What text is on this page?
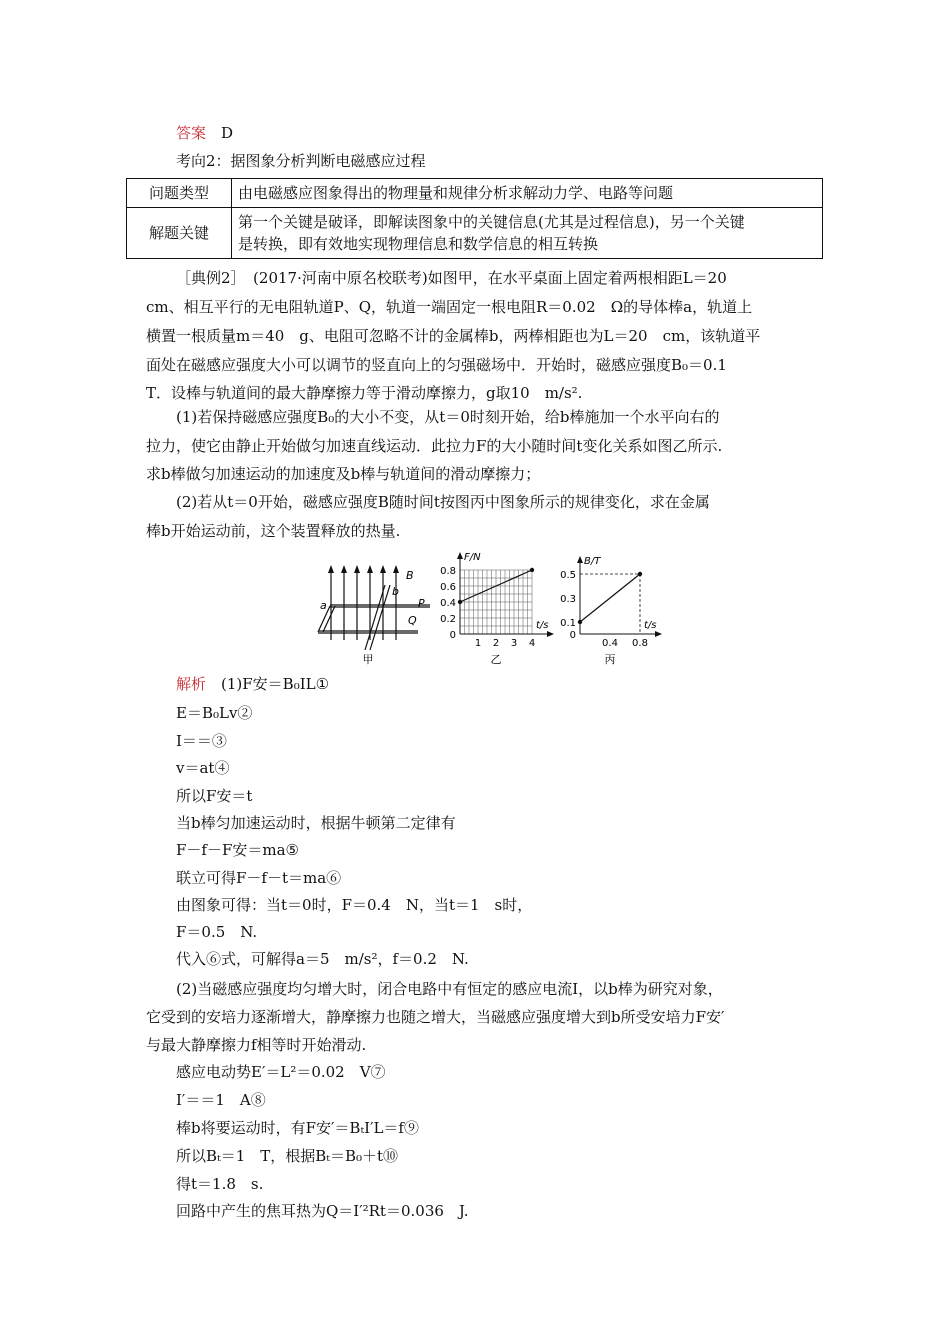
答案　 D
考向2：据图象分析判断电磁感应过程
问题类型	由电磁感应图象得出的物理量和规律分析求解动力学、电路等问题
解题关键	第一个关键是破译，即解读图象中的关键信息(尤其是过程信息)，另一个关键
是转换，即有效地实现物理信息和数学信息的相互转换
［典例2］　(2017·河南中原名校联考)如图甲，在水平桌面上固定着两根相距L＝20
cm、相互平行的无电阻轨道P、Q，轨道一端固定一根电阻R＝0.02　Ω的导体棒a，轨道上
横置一根质量m＝40　g、电阻可忽略不计的金属棒b，两棒相距也为L＝20　cm，该轨道平
面处在磁感应强度大小可以调节的竖直向上的匀强磁场中．开始时，磁感应强度B₀＝0.1
T．设棒与轨道间的最大静摩擦力等于滑动摩擦力，g取10　m/s².
(1)若保持磁感应强度B₀的大小不变，从t＝0时刻开始，给b棒施加一个水平向右的
拉力，使它由静止开始做匀加速直线运动．此拉力F的大小随时间t变化关系如图乙所示.
求b棒做匀加速运动的加速度及b棒与轨道间的滑动摩擦力；
(2)若从t＝0开始，磁感应强度B随时间t按图丙中图象所示的规律变化，求在金属
棒b开始运动前，这个装置释放的热量.
a
b
B
P
Q
甲
1 2 3 4
0.8
0.6
0.4
0.2
0
F/N
t/s
乙
0.4 0.8
0.5
0.3
0.1
0
B/T
t/s
丙
解析　 (1)F安＝B₀IL①
E＝B₀Lv②
I＝＝③
v＝at④
所以F安＝t
当b棒匀加速运动时，根据牛顿第二定律有
F－f－F安＝ma⑤
联立可得F－f－t＝ma⑥
由图象可得：当t＝0时，F＝0.4　N，当t＝1　s时，
F＝0.5　N.
代入⑥式，可解得a＝5　m/s²，f＝0.2　N.
(2)当磁感应强度均匀增大时，闭合电路中有恒定的感应电流I，以b棒为研究对象，
它受到的安培力逐渐增大，静摩擦力也随之增大，当磁感应强度增大到b所受安培力F安′
与最大静摩擦力f相等时开始滑动.
感应电动势E′＝L²＝0.02　V⑦
I′＝＝1　A⑧
棒b将要运动时，有F安′＝BₜI′L＝f⑨
所以Bₜ＝1　T，根据Bₜ＝B₀＋t⑩
得t＝1.8　s.
回路中产生的焦耳热为Q＝I′²Rt＝0.036　J.
